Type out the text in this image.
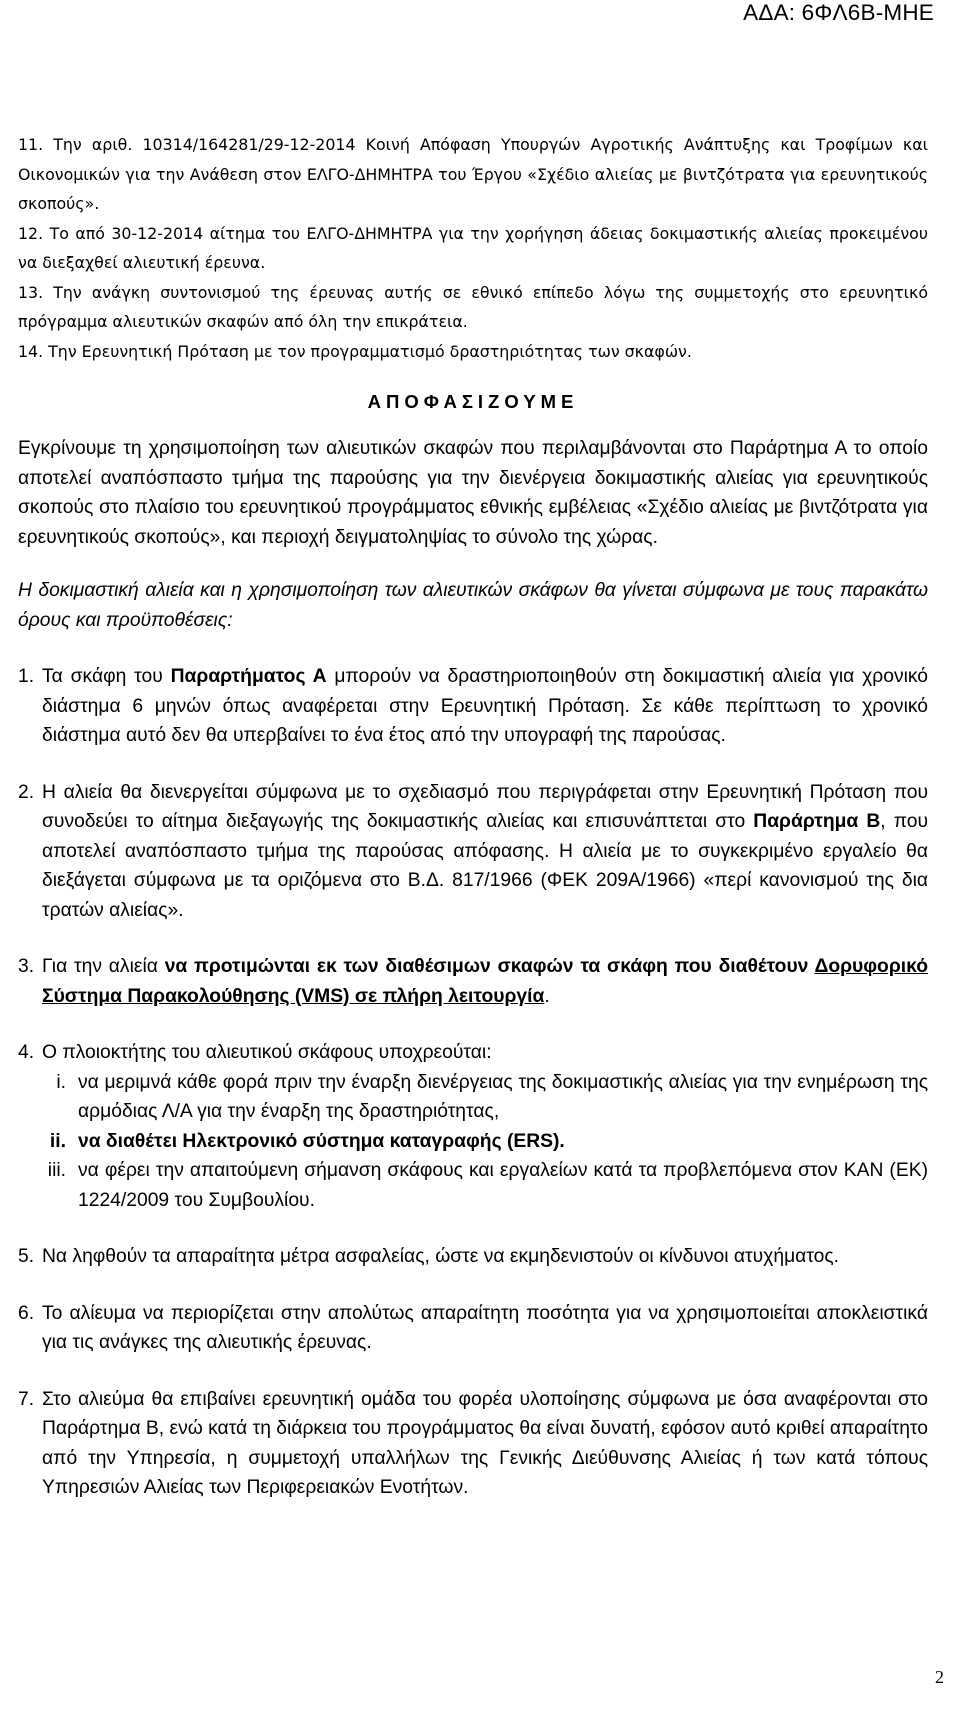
ΑΔΑ: 6ΦΛ6Β-ΜΗΕ

11. Την αριθ. 10314/164281/29-12-2014 Κοινή Απόφαση Υπουργών Αγροτικής Ανάπτυξης και Τροφίμων και Οικονομικών για την Ανάθεση στον ΕΛΓΟ-ΔΗΜΗΤΡΑ του Έργου «Σχέδιο αλιείας με βιντζότρατα για ερευνητικούς σκοπούς».

12. Το από 30-12-2014 αίτημα του ΕΛΓΟ-ΔΗΜΗΤΡΑ για την χορήγηση άδειας δοκιμαστικής αλιείας προκειμένου να διεξαχθεί αλιευτική έρευνα.

13. Την ανάγκη συντονισμού της έρευνας αυτής σε εθνικό επίπεδο λόγω της συμμετοχής στο ερευνητικό πρόγραμμα αλιευτικών σκαφών από όλη την επικράτεια.

14. Την Ερευνητική Πρόταση με τον προγραμματισμό δραστηριότητας των σκαφών.

ΑΠΟΦΑΣΙΖΟΥΜΕ

Εγκρίνουμε τη χρησιμοποίηση των αλιευτικών σκαφών που περιλαμβάνονται στο Παράρτημα Α το οποίο αποτελεί αναπόσπαστο τμήμα της παρούσης για την διενέργεια δοκιμαστικής αλιείας για ερευνητικούς σκοπούς στο πλαίσιο του ερευνητικού προγράμματος εθνικής εμβέλειας «Σχέδιο αλιείας με βιντζότρατα για ερευνητικούς σκοπούς», και περιοχή δειγματοληψίας το σύνολο της χώρας.

Η δοκιμαστική αλιεία και η χρησιμοποίηση των αλιευτικών σκάφων θα γίνεται σύμφωνα με τους παρακάτω όρους και προϋποθέσεις:

1. Τα σκάφη του Παραρτήματος Α μπορούν να δραστηριοποιηθούν στη δοκιμαστική αλιεία για χρονικό διάστημα 6 μηνών όπως αναφέρεται στην Ερευνητική Πρόταση. Σε κάθε περίπτωση το χρονικό διάστημα αυτό δεν θα υπερβαίνει το ένα έτος από την υπογραφή της παρούσας.
2. Η αλιεία θα διενεργείται σύμφωνα με το σχεδιασμό που περιγράφεται στην Ερευνητική Πρόταση που συνοδεύει το αίτημα διεξαγωγής της δοκιμαστικής αλιείας και επισυνάπτεται στο Παράρτημα Β, που αποτελεί αναπόσπαστο τμήμα της παρούσας απόφασης. Η αλιεία με το συγκεκριμένο εργαλείο θα διεξάγεται σύμφωνα με τα οριζόμενα στο Β.Δ. 817/1966 (ΦΕΚ 209Α/1966) «περί κανονισμού της δια τρατών αλιείας».
3. Για την αλιεία να προτιμώνται εκ των διαθέσιμων σκαφών τα σκάφη που διαθέτουν Δορυφορικό Σύστημα Παρακολούθησης (VMS) σε πλήρη λειτουργία.
4. Ο πλοιοκτήτης του αλιευτικού σκάφους υποχρεούται:
i. να μεριμνά κάθε φορά πριν την έναρξη διενέργειας της δοκιμαστικής αλιείας για την ενημέρωση της αρμόδιας Λ/Α για την έναρξη της δραστηριότητας,
ii. να διαθέτει Ηλεκτρονικό σύστημα καταγραφής (ERS).
iii. να φέρει την απαιτούμενη σήμανση σκάφους και εργαλείων κατά τα προβλεπόμενα στον ΚΑΝ (ΕΚ) 1224/2009 του Συμβουλίου.
5. Να ληφθούν τα απαραίτητα μέτρα ασφαλείας, ώστε να εκμηδενιστούν οι κίνδυνοι ατυχήματος.
6. Το αλίευμα να περιορίζεται στην απολύτως απαραίτητη ποσότητα για να χρησιμοποιείται αποκλειστικά για τις ανάγκες της αλιευτικής έρευνας.
7. Στο αλιεύμα θα επιβαίνει ερευνητική ομάδα του φορέα υλοποίησης σύμφωνα με όσα αναφέρονται στο Παράρτημα Β, ενώ κατά τη διάρκεια του προγράμματος θα είναι δυνατή, εφόσον αυτό κριθεί απαραίτητο από την Υπηρεσία, η συμμετοχή υπαλλήλων της Γενικής Διεύθυνσης Αλιείας ή των κατά τόπους Υπηρεσιών Αλιείας των Περιφερειακών Ενοτήτων.
2
